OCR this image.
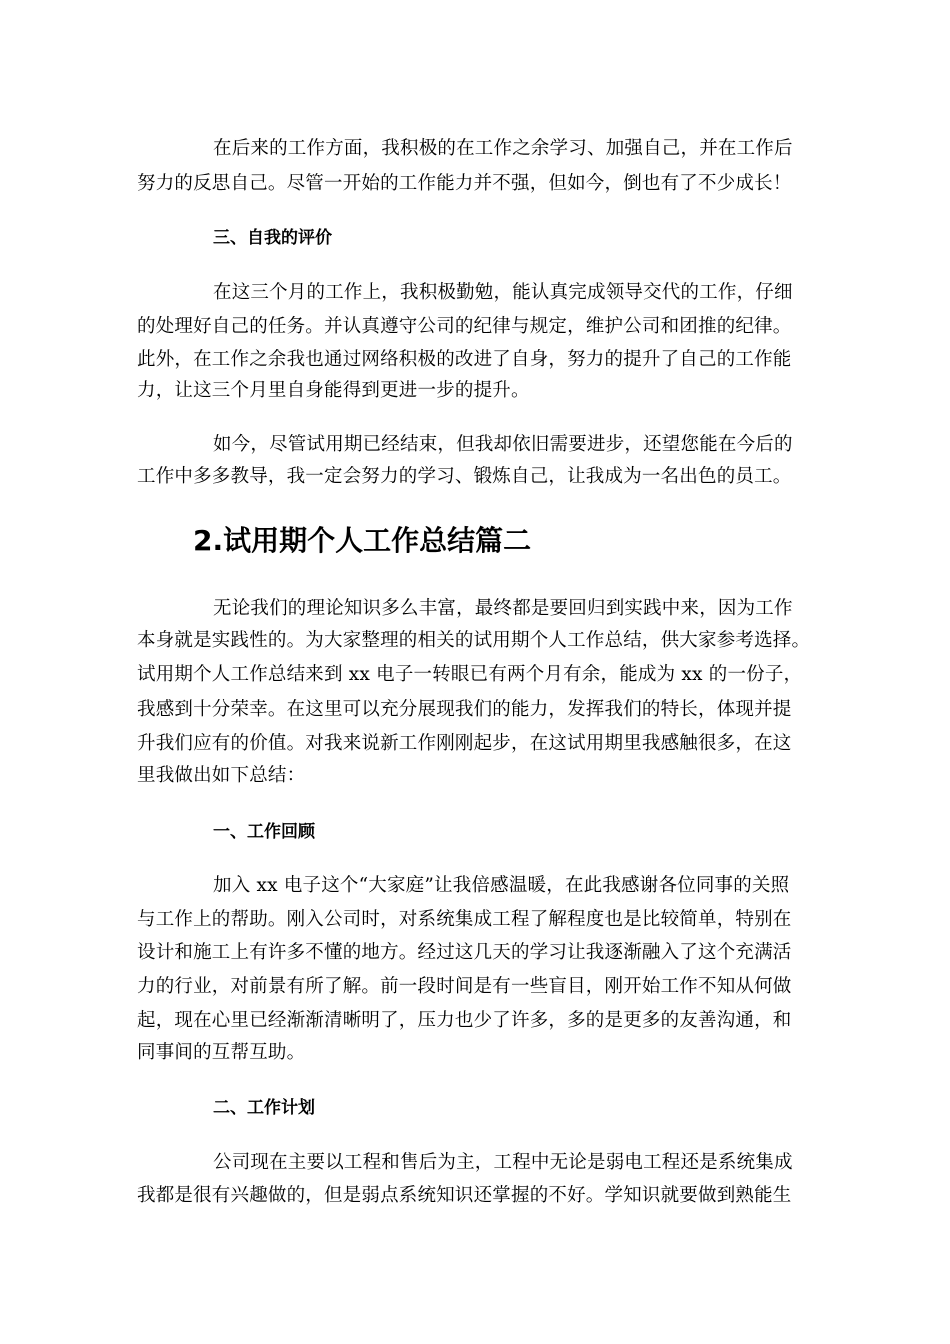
在后来的工作方面，我积极的在工作之余学习、加强自己，并在工作后
努力的反思自己。尽管一开始的工作能力并不强，但如今，倒也有了不少成长！
三、自我的评价
在这三个月的工作上，我积极勤勉，能认真完成领导交代的工作，仔细
的处理好自己的任务。并认真遵守公司的纪律与规定，维护公司和团推的纪律。
此外，在工作之余我也通过网络积极的改进了自身，努力的提升了自己的工作能
力，让这三个月里自身能得到更进一步的提升。
如今，尽管试用期已经结束，但我却依旧需要进步，还望您能在今后的
工作中多多教导，我一定会努力的学习、锻炼自己，让我成为一名出色的员工。
2.试用期个人工作总结篇二
无论我们的理论知识多么丰富，最终都是要回归到实践中来，因为工作
本身就是实践性的。为大家整理的相关的试用期个人工作总结，供大家参考选择。
试用期个人工作总结来到 xx 电子一转眼已有两个月有余，能成为 xx 的一份子，
我感到十分荣幸。在这里可以充分展现我们的能力，发挥我们的特长，体现并提
升我们应有的价值。对我来说新工作刚刚起步，在这试用期里我感触很多，在这
里我做出如下总结：
一、工作回顾
加入 xx 电子这个“大家庭”让我倍感温暖，在此我感谢各位同事的关照
与工作上的帮助。刚入公司时，对系统集成工程了解程度也是比较简单，特别在
设计和施工上有许多不懂的地方。经过这几天的学习让我逐渐融入了这个充满活
力的行业，对前景有所了解。前一段时间是有一些盲目，刚开始工作不知从何做
起，现在心里已经渐渐清晰明了，压力也少了许多，多的是更多的友善沟通，和
同事间的互帮互助。
二、工作计划
公司现在主要以工程和售后为主，工程中无论是弱电工程还是系统集成
我都是很有兴趣做的，但是弱点系统知识还掌握的不好。学知识就要做到熟能生
